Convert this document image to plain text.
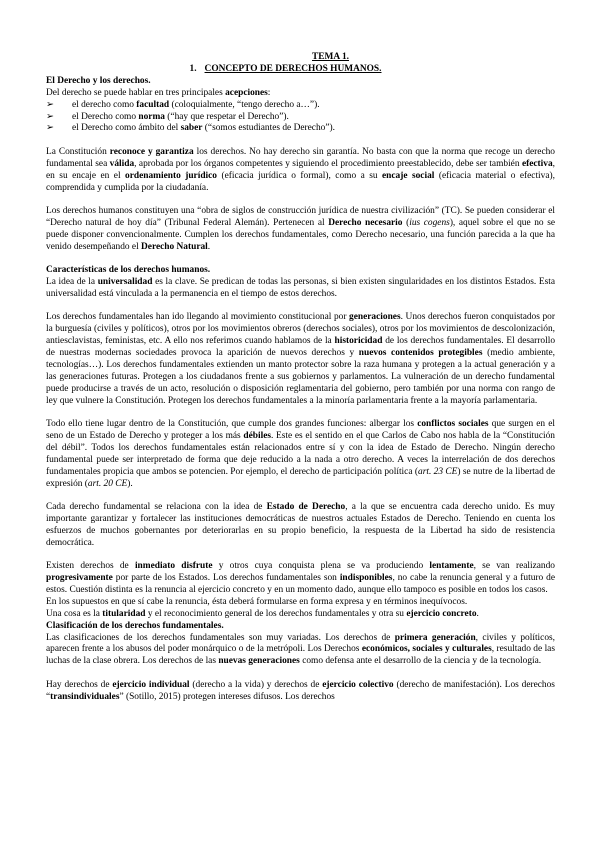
TEMA 1.
1. CONCEPTO DE DERECHOS HUMANOS.
El Derecho y los derechos.

Del derecho se puede hablar en tres principales acepciones:

➢	el derecho como facultad (coloquialmente, “tengo derecho a…”).
➢	el Derecho como norma (“hay que respetar el Derecho”).
➢	el Derecho como ámbito del saber (“somos estudiantes de Derecho”).

La Constitución reconoce y garantiza los derechos. No hay derecho sin garantía. No basta con que la norma que recoge un derecho fundamental sea válida, aprobada por los órganos competentes y siguiendo el procedimiento preestablecido, debe ser también efectiva, en su encaje en el ordenamiento jurídico (eficacia jurídica o formal), como a su encaje social (eficacia material o efectiva), comprendida y cumplida por la ciudadanía.

Los derechos humanos constituyen una “obra de siglos de construcción jurídica de nuestra civilización” (TC). Se pueden considerar el “Derecho natural de hoy día” (Tribunal Federal Alemán). Pertenecen al Derecho necesario (ius cogens), aquel sobre el que no se puede disponer convencionalmente. Cumplen los derechos fundamentales, como Derecho necesario, una función parecida a la que ha venido desempeñando el Derecho Natural.

Características de los derechos humanos.

La idea de la universalidad es la clave. Se predican de todas las personas, si bien existen singularidades en los distintos Estados. Esta universalidad está vinculada a la permanencia en el tiempo de estos derechos.

Los derechos fundamentales han ido llegando al movimiento constitucional por generaciones. Unos derechos fueron conquistados por la burguesía (civiles y políticos), otros por los movimientos obreros (derechos sociales), otros por los movimientos de descolonización, antiesclavistas, feministas, etc. A ello nos referimos cuando hablamos de la historicidad de los derechos fundamentales. El desarrollo de nuestras modernas sociedades provoca la aparición de nuevos derechos y nuevos contenidos protegibles (medio ambiente, tecnologías…). Los derechos fundamentales extienden un manto protector sobre la raza humana y protegen a la actual generación y a las generaciones futuras. Protegen a los ciudadanos frente a sus gobiernos y parlamentos. La vulneración de un derecho fundamental puede producirse a través de un acto, resolución o disposición reglamentaria del gobierno, pero también por una norma con rango de ley que vulnere la Constitución. Protegen los derechos fundamentales a la minoría parlamentaria frente a la mayoría parlamentaria.

Todo ello tiene lugar dentro de la Constitución, que cumple dos grandes funciones: albergar los conflictos sociales que surgen en el seno de un Estado de Derecho y proteger a los más débiles. Este es el sentido en el que Carlos de Cabo nos habla de la “Constitución del débil”. Todos los derechos fundamentales están relacionados entre sí y con la idea de Estado de Derecho. Ningún derecho fundamental puede ser interpretado de forma que deje reducido a la nada a otro derecho. A veces la interrelación de dos derechos fundamentales propicia que ambos se potencien. Por ejemplo, el derecho de participación política (art. 23 CE) se nutre de la libertad de expresión (art. 20 CE).

Cada derecho fundamental se relaciona con la idea de Estado de Derecho, a la que se encuentra cada derecho unido. Es muy importante garantizar y fortalecer las instituciones democráticas de nuestros actuales Estados de Derecho. Teniendo en cuenta los esfuerzos de muchos gobernantes por deteriorarlas en su propio beneficio, la respuesta de la Libertad ha sido de resistencia democrática.

Existen derechos de inmediato disfrute y otros cuya conquista plena se va produciendo lentamente, se van realizando progresivamente por parte de los Estados. Los derechos fundamentales son indisponibles, no cabe la renuncia general y a futuro de estos. Cuestión distinta es la renuncia al ejercicio concreto y en un momento dado, aunque ello tampoco es posible en todos los casos.

En los supuestos en que sí cabe la renuncia, ésta deberá formularse en forma expresa y en términos inequívocos.

Una cosa es la titularidad y el reconocimiento general de los derechos fundamentales y otra su ejercicio concreto.

Clasificación de los derechos fundamentales.

Las clasificaciones de los derechos fundamentales son muy variadas. Los derechos de primera generación, civiles y políticos, aparecen frente a los abusos del poder monárquico o de la metrópoli. Los Derechos económicos, sociales y culturales, resultado de las luchas de la clase obrera. Los derechos de las nuevas generaciones como defensa ante el desarrollo de la ciencia y de la tecnología.

Hay derechos de ejercicio individual (derecho a la vida) y derechos de ejercicio colectivo (derecho de manifestación). Los derechos “transindividuales” (Sotillo, 2015) protegen intereses difusos. Los derechos
